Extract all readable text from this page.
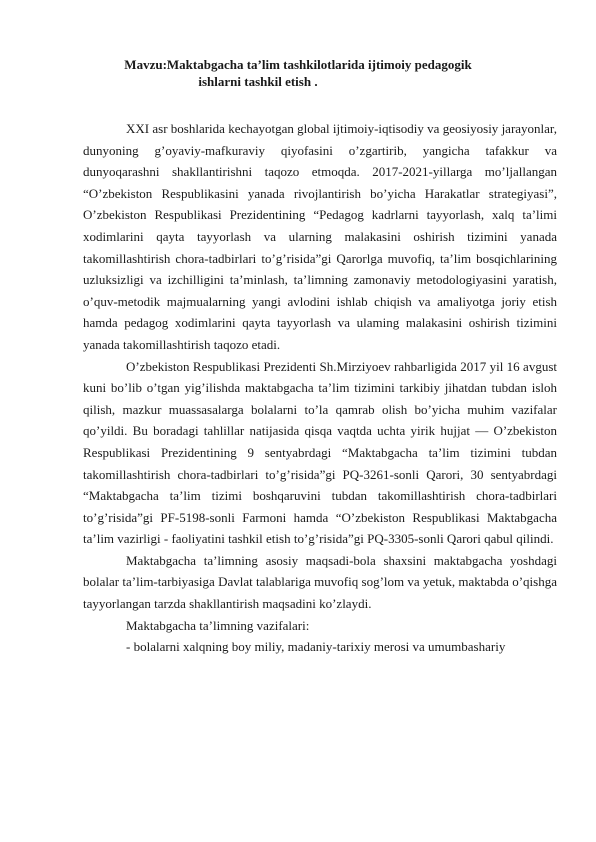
Mavzu:Maktabgacha ta’lim tashkilotlarida ijtimoiy pedagogik
ishlarni tashkil etish .

XXI asr boshlarida kechayotgan global ijtimoiy-iqtisodiy va geosiyosiy jarayonlar, dunyoning g’oyaviy-mafkuraviy qiyofasini o’zgartirib, yangicha tafakkur va dunyoqarashni shakllantirishni taqozo etmoqda. 2017-2021-yillarga mo’ljallangan “O’zbekiston Respublikasini yanada rivojlantirish bo’yicha Harakatlar strategiyasi”, O’zbekiston Respublikasi Prezidentining “Pedagog kadrlarni tayyorlash, xalq ta’limi xodimlarini qayta tayyorlash va ularning malakasini oshirish tizimini yanada takomillashtirish chora-tadbirlari to’g’risida”gi Qarorlga muvofiq, ta’lim bosqichlarining uzluksizligi va izchilligini ta’minlash, ta’limning zamonaviy metodologiyasini yaratish, o’quv-metodik majmualarning yangi avlodini ishlab chiqish va amaliyotga joriy etish hamda pedagog xodimlarini qayta tayyorlash va ulaming malakasini oshirish tizimini yanada takomillashtirish taqozo etadi.

O’zbekiston Respublikasi Prezidenti Sh.Mirziyoev rahbarligida 2017 yil 16 avgust kuni bo’lib o’tgan yig’ilishda maktabgacha ta’lim tizimini tarkibiy jihatdan tubdan isloh qilish, mazkur muassasalarga bolalarni to’la qamrab olish bo’yicha muhim vazifalar qo’yildi. Bu boradagi tahlillar natijasida qisqa vaqtda uchta yirik hujjat — O’zbekiston Respublikasi Prezidentining 9 sentyabrdagi “Maktabgacha ta’lim tizimini tubdan takomillashtirish chora-tadbirlari to’g’risida”gi PQ-3261-sonli Qarori, 30 sentyabrdagi “Maktabgacha ta’lim tizimi boshqaruvini tubdan takomillashtirish chora-tadbirlari to’g’risida”gi PF-5198-sonli Farmoni hamda “O’zbekiston Respublikasi Maktabgacha ta’lim vazirligi - faoliyatini tashkil etish to’g’risida”gi PQ-3305-sonli Qarori qabul qilindi.

Maktabgacha ta’limning asosiy maqsadi-bola shaxsini maktabgacha yoshdagi bolalar ta’lim-tarbiyasiga Davlat talablariga muvofiq sog’lom va yetuk, maktabda o’qishga tayyorlangan tarzda shakllantirish maqsadini ko’zlaydi.

Maktabgacha ta’limning vazifalari:

- bolalarni xalqning boy miliy, madaniy-tarixiy merosi va umumbashariy
